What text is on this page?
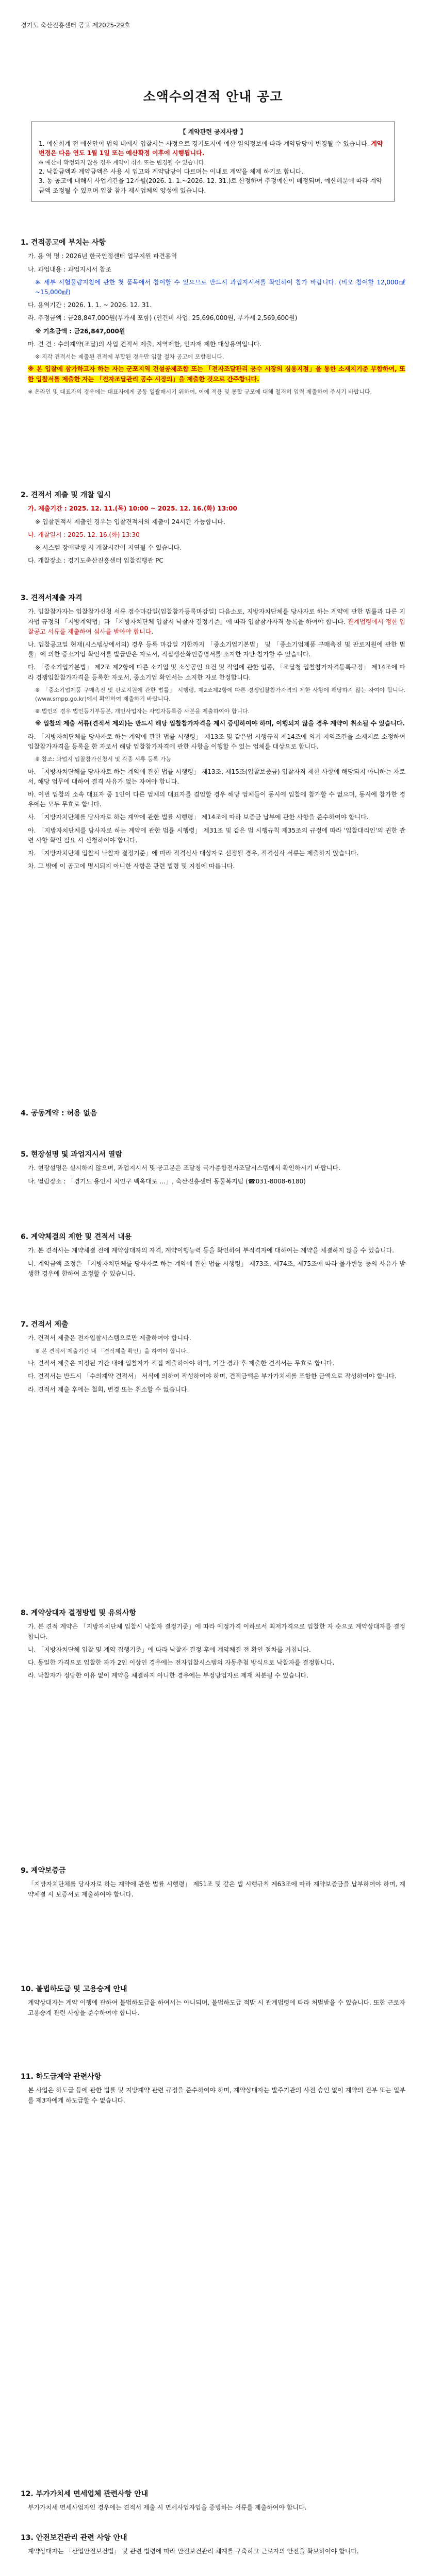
경기도 축산진흥센터 공고 제2025-29호
소액수의견적 안내 공고
【 계약관련 공지사항 】
1. 예산회계 전 에산안이 법의 내에서 입찰서는 사정으로 경기도지에 예산 일의정보에 따라 계약담당이 변경될 수 있습니다. 계약변경은 다음 연도 1월 1일 또는 예산확정 이후에 시행됩니다.
※ 예산이 확정되지 않을 경우 계약이 취소 또는 변경될 수 있습니다.
2. 낙찰금액과 계약금액은 사용 시 입고와 계약담당이 다르며는 이내로 계약을 체제 하기로 합니다.
3. 동 공고에 대해서 사업기간을 12개월(2026. 1. 1.~2026. 12. 31.)로 산정하여 추정예산이 배정되며, 예산배분에 따라 계약금액 조정될 수 있으며 입찰 참가 제시업체의 양성에 있습니다.
1. 견적공고에 부치는 사항
가. 용 역 명 : 2026년 한국인정센터 업무지원 파견용역
나. 과업내용 : 과업지시서 참조
※ 세부 시험물량지침에 관한 첫 품목에서 참여할 수 있으므로 반드시 과업지시서를 확인하여 참가 바랍니다. (비오 참여할 12,000㎖~15,000㎖)
다. 용역기간 : 2026. 1. 1. ~ 2026. 12. 31.
라. 추정금액 : 금28,847,000원(부가세 포함) (인건비 사업: 25,696,000원, 부가세 2,569,600원)
※ 기초금액 : 금26,847,000원
마. 견 견 : 수의계약(조달)의 사업 견적서 제출, 지역제한, 인자재 제한 대상용역입니다.
※ 지각 견적서는 제출된 견적에 부합된 경우만 입찰 절차 공고에 포함됩니다.
※ 본 입찰에 참가하고자 하는 자는 군포지역 건설공제조합 또는 「전자조달관리 공수 시장의 심용지점」을 통한 소재지기준 부합하여, 또한 입찰서를 제출한 자는 「전자조달관리 공수 시장의」을 제출한 것으로 간주합니다.
※ 온라인 및 대표자의 경우에는 대표자에게 공동 일괄매시기 위하여, 이에 적용 및 통합 규모에 대해 철저히 입력 제출하여 주시기 바랍니다.
2. 견적서 제출 및 개찰 일시
가. 제출기간 : 2025. 12. 11.(목) 10:00 ~ 2025. 12. 16.(화) 13:00
※ 입찰견적서 제출인 경우는 입찰견적서의 제출이 24시간 가능합니다.
나. 개찰일시 : 2025. 12. 16.(화) 13:30
※ 시스템 장애발생 시 개찰시간이 지연될 수 있습니다.
다. 개찰장소 : 경기도축산진흥센터 입찰집행관 PC
3. 견적서제출 자격
가. 입찰참가자는 입찰참가신청 서류 접수마감일(입찰참가등록마감일) 다음소로, 지방자치단체를 당사자로 하는 계약에 관한 법률과 다른 지자법 규정의 「지방계약법」과 「지방자치단체 입찰시 낙찰자 결정기준」에 따라 입찰참가자격 등록을 하여야 합니다. 관계법령에서 정한 입찰공고 서류를 제출하여 심사를 받아야 합니다.
나. 입찰공고일 현재(시스템상에서의) 경우 등록 마감일 기한까지 「중소기업기본법」 및 「중소기업제품 구매촉진 및 판로지원에 관한 법률」에 의한 중소기업 확인서를 발급받은 자로서, 직접생산확인증명서를 소지한 자만 참가할 수 있습니다.
다. 「중소기업기본법」 제2조 제2항에 따른 소기업 및 소상공인 요건 및 작업에 관한 업종, 「조달청 입찰참가자격등록규정」 제14조에 따라 경쟁입찰참가자격을 등록한 자로서, 중소기업 확인서는 소지한 자로 한정합니다.
※ 「중소기업제품 구매촉진 및 판로지원에 관한 법률」 시행령, 제2조제2항에 따른 경쟁입찰참가자격의 제한 사항에 해당하지 않는 자여야 합니다. (www.smpp.go.kr)에서 확인하여 제출하기 바랍니다.
※ 법인의 경우 법인등기부등본, 개인사업자는 사업자등록증 사본을 제출하여야 합니다.
※ 입찰의 제출 서류(견적서 제외)는 반드시 해당 입찰참가자격을 제시 증빙하여야 하며, 이행되지 않을 경우 계약이 취소될 수 있습니다.
라. 「지방자치단체를 당사자로 하는 계약에 관한 법률 시행령」 제13조 및 같은법 시행규칙 제14조에 의거 지역조건을 소재지로 소정하여 입찰참가자격을 등록을 한 자로서 해당 입찰참가자격에 관한 사항을 이행할 수 있는 업체를 대상으로 합니다.
※ 참조: 과업지 입찰참가신청서 및 각종 서류 등록 가능
마. 「지방자치단체를 당사자로 하는 계약에 관한 법률 시행령」 제13조, 제15조(입찰보증금) 입찰자격 제한 사항에 해당되지 아니하는 자로서, 해당 업무에 대하여 결격 사유가 없는 자여야 합니다.
바. 이번 입찰의 소속 대표자 중 1인이 다른 업체의 대표자를 겸임할 경우 해당 업체들이 동시에 입찰에 참가할 수 없으며, 동시에 참가한 경우에는 모두 무효로 합니다.
사. 「지방자치단체를 당사자로 하는 계약에 관한 법률 시행령」 제14조에 따라 보증금 납부에 관한 사항을 준수하여야 합니다.
아. 「지방자치단체를 당사자로 하는 계약에 관한 법률 시행령」 제31조 및 같은 법 시행규칙 제35조의 규정에 따라 '입찰대리인'의 권한 관련 사항 확인 필요 시 신청하여야 합니다.
자. 「지방자치단체 입찰시 낙찰자 결정기준」에 따라 적격심사 대상자로 선정될 경우, 적격심사 서류는 제출하지 않습니다.
차. 그 밖에 이 공고에 명시되지 아니한 사항은 관련 법령 및 지침에 따릅니다.
4. 공동계약 : 허용 없음
5. 현장설명 및 과업지시서 열람
가. 현장설명은 실시하지 않으며, 과업지시서 및 공고문은 조달청 국가종합전자조달시스템에서 확인하시기 바랍니다.
나. 열람장소 : 「경기도 용인시 처인구 백옥대로 …」, 축산진흥센터 동물복지팀 (☎031-8008-6180)
6. 계약체결의 제한 및 견적서 내용
가. 본 견적사는 계약체결 전에 계약상대자의 자격, 계약이행능력 등을 확인하여 부적격자에 대하여는 계약을 체결하지 않을 수 있습니다.
나. 계약금액 조정은 「지방자치단체를 당사자로 하는 계약에 관한 법률 시행령」 제73조, 제74조, 제75조에 따라 물가변동 등의 사유가 발생한 경우에 한하여 조정할 수 있습니다.
7. 견적서 제출
가. 견적서 제출은 전자입찰시스템으로만 제출하여야 합니다.
※ 본 견적서 제출기간 내 「견적제출 확인」을 하여야 합니다.
나. 견적서 제출은 지정된 기간 내에 입찰자가 직접 제출하여야 하며, 기간 경과 후 제출한 견적서는 무효로 합니다.
다. 견적서는 반드시 「수의계약 견적서」 서식에 의하여 작성하여야 하며, 견적금액은 부가가치세를 포함한 금액으로 작성하여야 합니다.
라. 견적서 제출 후에는 철회, 변경 또는 취소할 수 없습니다.
8. 계약상대자 결정방법 및 유의사항
가. 본 견적 계약은 「지방자치단체 입찰시 낙찰자 결정기준」에 따라 예정가격 이하로서 최저가격으로 입찰한 자 순으로 계약상대자를 결정합니다.
나. 「지방자치단체 입찰 및 계약 집행기준」에 따라 낙찰자 결정 후에 계약체결 전 확인 절차를 거칩니다.
다. 동일한 가격으로 입찰한 자가 2인 이상인 경우에는 전자입찰시스템의 자동추첨 방식으로 낙찰자를 결정합니다.
라. 낙찰자가 정당한 이유 없이 계약을 체결하지 아니한 경우에는 부정당업자로 제재 처분될 수 있습니다.
9. 계약보증금
「지방자치단체를 당사자로 하는 계약에 관한 법률 시행령」 제51조 및 같은 법 시행규칙 제63조에 따라 계약보증금을 납부하여야 하며, 계약체결 시 보증서로 제출하여야 합니다.
10. 불법하도급 및 고용승계 안내
계약상대자는 계약 이행에 관하여 불법하도급을 하여서는 아니되며, 불법하도급 적발 시 관계법령에 따라 처벌받을 수 있습니다. 또한 근로자 고용승계 관련 사항을 준수하여야 합니다.
11. 하도급계약 관련사항
본 사업은 하도급 등에 관한 법률 및 지방계약 관련 규정을 준수하여야 하며, 계약상대자는 발주기관의 사전 승인 없이 계약의 전부 또는 일부를 제3자에게 하도급할 수 없습니다.
12. 부가가치세 면세업체 관련사항 안내
부가가치세 면세사업자인 경우에는 견적서 제출 시 면세사업자임을 증빙하는 서류를 제출하여야 합니다.
13. 안전보건관리 관련 사항 안내
계약상대자는 「산업안전보건법」 및 관련 법령에 따라 안전보건관리 체계를 구축하고 근로자의 안전을 확보하여야 합니다.
